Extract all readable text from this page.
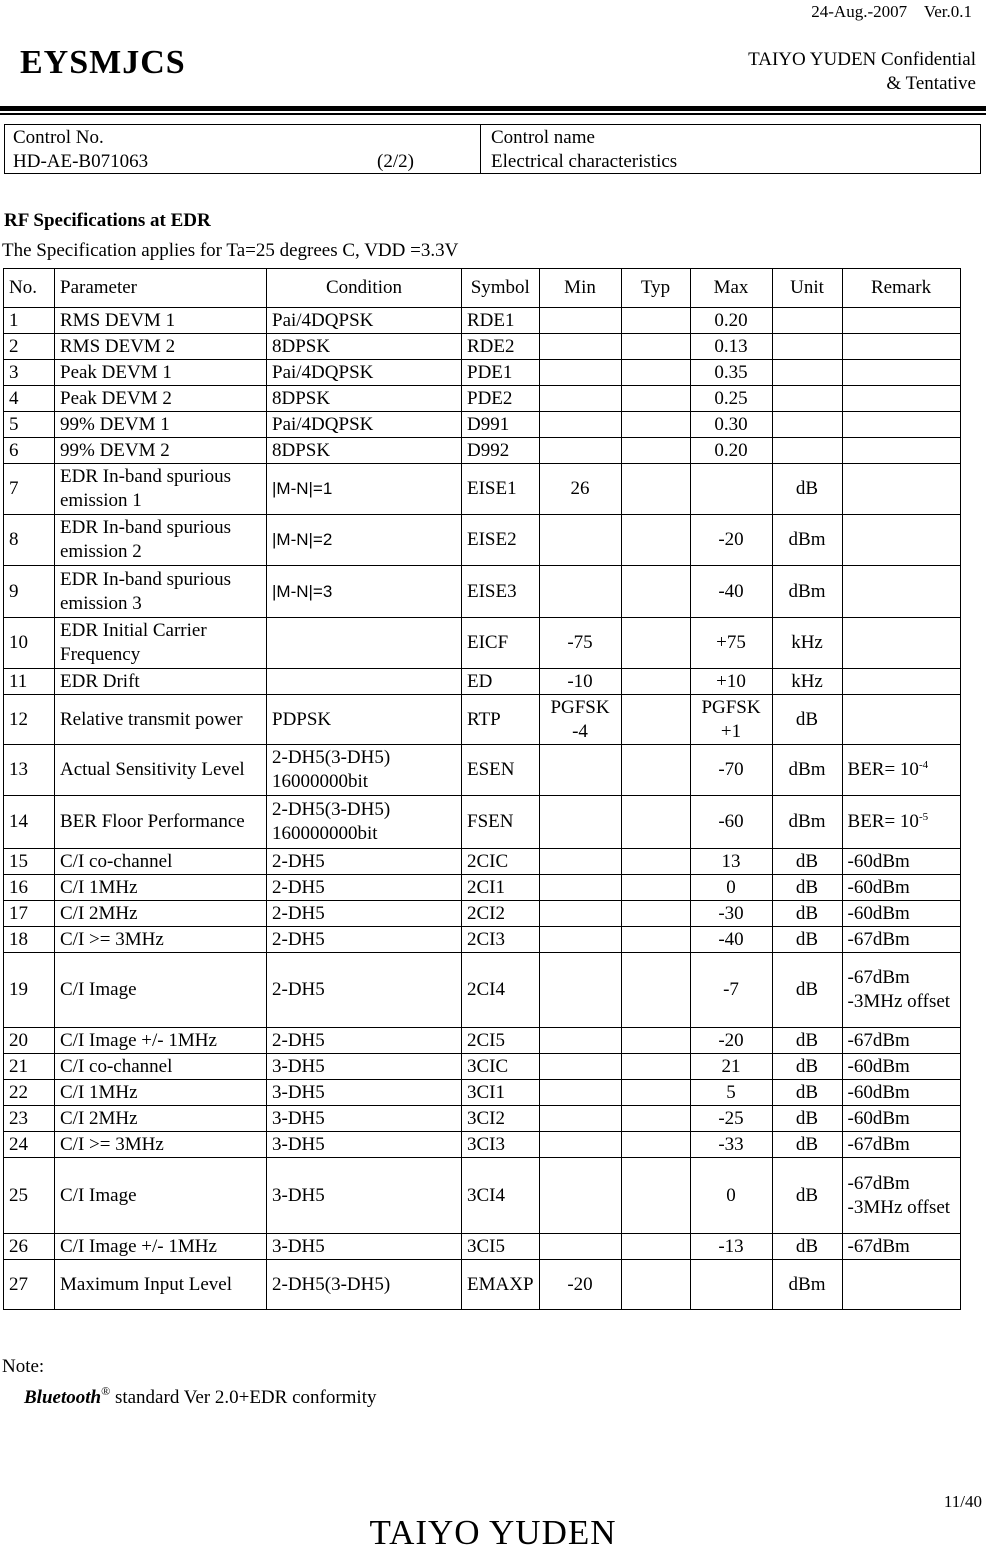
24-Aug.-2007 Ver.0.1
EYSMJCS	TAIYO YUDEN Confidential
& Tentative
Control No.
HD-AE-B071063	(2/2)
Control name
Electrical characteristics
RF Specifications at EDR
The Specification applies for Ta=25 degrees C, VDD =3.3V
No.	Parameter	Condition	Symbol	Min	Typ	Max	Unit	Remark
1	RMS DEVM 1	Pai/4DQPSK	RDE1			0.20		
2	RMS DEVM 2	8DPSK	RDE2			0.13		
3	Peak DEVM 1	Pai/4DQPSK	PDE1			0.35		
4	Peak DEVM 2	8DPSK	PDE2			0.25		
5	99% DEVM 1	Pai/4DQPSK	D991			0.30		
6	99% DEVM 2	8DPSK	D992			0.20		
7	EDR In-band spurious emission 1	|M-N|=1	EISE1	26			dB	
8	EDR In-band spurious emission 2	|M-N|=2	EISE2			-20	dBm	
9	EDR In-band spurious emission 3	|M-N|=3	EISE3			-40	dBm	
10	EDR Initial Carrier Frequency		EICF	-75		+75	kHz	
11	EDR Drift		ED	-10		+10	kHz	
12	Relative transmit power	PDPSK	RTP	PGFSK -4		PGFSK +1	dB	
13	Actual Sensitivity Level	2-DH5(3-DH5) 16000000bit	ESEN			-70	dBm	$BER= 10^{-4}$
14	BER Floor Performance	2-DH5(3-DH5) 160000000bit	FSEN			-60	dBm	$BER= 10^{-5}$
15	C/I co-channel	2-DH5	2CIC			13	dB	-60dBm
16	C/I 1MHz	2-DH5	2CI1			0	dB	-60dBm
17	C/I 2MHz	2-DH5	2CI2			-30	dB	-60dBm
18	C/I >= 3MHz	2-DH5	2CI3			-40	dB	-67dBm
19	C/I Image	2-DH5	2CI4			-7	dB	-67dBm -3MHz offset
20	C/I Image +/- 1MHz	2-DH5	2CI5			-20	dB	-67dBm
21	C/I co-channel	3-DH5	3CIC			21	dB	-60dBm
22	C/I 1MHz	3-DH5	3CI1			5	dB	-60dBm
23	C/I 2MHz	3-DH5	3CI2			-25	dB	-60dBm
24	C/I >= 3MHz	3-DH5	3CI3			-33	dB	-67dBm
25	C/I Image	3-DH5	3CI4			0	dB	-67dBm -3MHz offset
26	C/I Image +/- 1MHz	3-DH5	3CI5			-13	dB	-67dBm
27	Maximum Input Level	2-DH5(3-DH5)	EMAXP	-20			dBm	
Note:
Bluetooth® standard Ver 2.0+EDR conformity
11/40
TAIYO YUDEN
